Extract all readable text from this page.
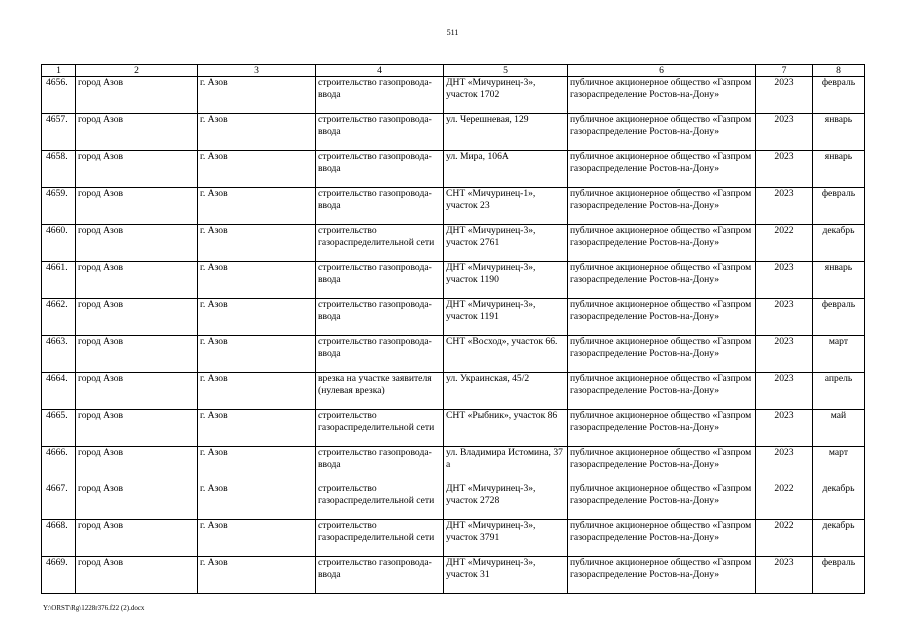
511
1	2	3	4	5	6	7	8
4656.	город Азов	г. Азов	строительство газопровода-ввода	ДНТ «Мичуринец-3», участок 1702	публичное акционерное общество «Газпром газораспределение Ростов-на-Дону»	2023	февраль
4657.	город Азов	г. Азов	строительство газопровода-ввода	ул. Черешневая, 129	публичное акционерное общество «Газпром газораспределение Ростов-на-Дону»	2023	январь
4658.	город Азов	г. Азов	строительство газопровода-ввода	ул. Мира, 106А	публичное акционерное общество «Газпром газораспределение Ростов-на-Дону»	2023	январь
4659.	город Азов	г. Азов	строительство газопровода-ввода	СНТ «Мичуринец-1», участок 23	публичное акционерное общество «Газпром газораспределение Ростов-на-Дону»	2023	февраль
4660.	город Азов	г. Азов	строительство газораспределительной сети	ДНТ «Мичуринец-3», участок 2761	публичное акционерное общество «Газпром газораспределение Ростов-на-Дону»	2022	декабрь
4661.	город Азов	г. Азов	строительство газопровода-ввода	ДНТ «Мичуринец-3», участок 1190	публичное акционерное общество «Газпром газораспределение Ростов-на-Дону»	2023	январь
4662.	город Азов	г. Азов	строительство газопровода-ввода	ДНТ «Мичуринец-3», участок 1191	публичное акционерное общество «Газпром газораспределение Ростов-на-Дону»	2023	февраль
4663.	город Азов	г. Азов	строительство газопровода-ввода	СНТ «Восход», участок 66.	публичное акционерное общество «Газпром газораспределение Ростов-на-Дону»	2023	март
4664.	город Азов	г. Азов	врезка на участке заявителя (нулевая врезка)	ул. Украинская, 45/2	публичное акционерное общество «Газпром газораспределение Ростов-на-Дону»	2023	апрель
4665.	город Азов	г. Азов	строительство газораспределительной сети	СНТ «Рыбник», участок 86	публичное акционерное общество «Газпром газораспределение Ростов-на-Дону»	2023	май
4666.	город Азов	г. Азов	строительство газопровода-ввода	ул. Владимира Истомина, 37 а	публичное акционерное общество «Газпром газораспределение Ростов-на-Дону»	2023	март
4667.	город Азов	г. Азов	строительство газораспределительной сети	ДНТ «Мичуринец-3», участок 2728	публичное акционерное общество «Газпром газораспределение Ростов-на-Дону»	2022	декабрь
4668.	город Азов	г. Азов	строительство газораспределительной сети	ДНТ «Мичуринец-3», участок 3791	публичное акционерное общество «Газпром газораспределение Ростов-на-Дону»	2022	декабрь
4669.	город Азов	г. Азов	строительство газопровода-ввода	ДНТ «Мичуринец-3», участок 31	публичное акционерное общество «Газпром газораспределение Ростов-на-Дону»	2023	февраль
Y:\ORST\Rg\1228r376.f22 (2).docx
